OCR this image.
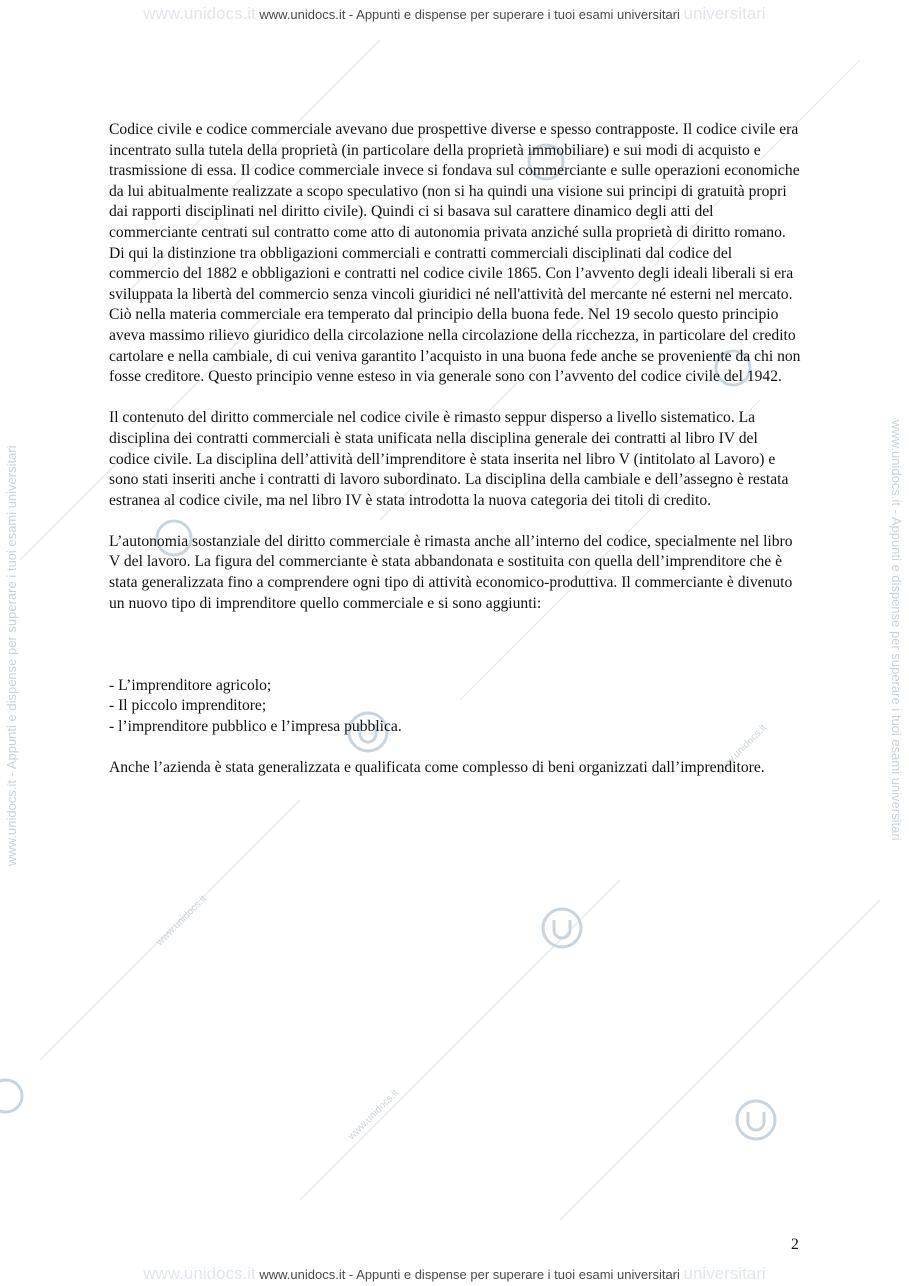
www.unidocs.it
www.unidocs.it
www.unidocs.it
www.unidocs.it www.unidocs.it - Appunti e dispense per superare i tuoi esami universitari universitari
www.unidocs.it - Appunti e dispense per superare i tuoi esami universitari	www.unidocs.it - Appunti e dispense per superare i tuoi esami universitari

Codice civile e codice commerciale avevano due prospettive diverse e spesso contrapposte. Il codice civile era incentrato sulla tutela della proprietà (in particolare della proprietà immobiliare) e sui modi di acquisto e trasmissione di essa. Il codice commerciale invece si fondava sul commerciante e sulle operazioni economiche da lui abitualmente realizzate a scopo speculativo (non si ha quindi una visione sui principi di gratuità propri dai rapporti disciplinati nel diritto civile). Quindi ci si basava sul carattere dinamico degli atti del commerciante centrati sul contratto come atto di autonomia privata anziché sulla proprietà di diritto romano. Di qui la distinzione tra obbligazioni commerciali e contratti commerciali disciplinati dal codice del commercio del 1882 e obbligazioni e contratti nel codice civile 1865. Con l’avvento degli ideali liberali si era sviluppata la libertà del commercio senza vincoli giuridici né nell'attività del mercante né esterni nel mercato. Ciò nella materia commerciale era temperato dal principio della buona fede. Nel 19 secolo questo principio aveva massimo rilievo giuridico della circolazione nella circolazione della ricchezza, in particolare del credito cartolare e nella cambiale, di cui veniva garantito l’acquisto in una buona fede anche se proveniente da chi non fosse creditore. Questo principio venne esteso in via generale sono con l’avvento del codice civile del 1942.

Il contenuto del diritto commerciale nel codice civile è rimasto seppur disperso a livello sistematico. La disciplina dei contratti commerciali è stata unificata nella disciplina generale dei contratti al libro IV del codice civile. La disciplina dell’attività dell’imprenditore è stata inserita nel libro V (intitolato al Lavoro) e sono stati inseriti anche i contratti di lavoro subordinato. La disciplina della cambiale e dell’assegno è restata estranea al codice civile, ma nel libro IV è stata introdotta la nuova categoria dei titoli di credito.

L’autonomia sostanziale del diritto commerciale è rimasta anche all’interno del codice, specialmente nel libro V del lavoro. La figura del commerciante è stata abbandonata e sostituita con quella dell’imprenditore che è stata generalizzata fino a comprendere ogni tipo di attività economico-produttiva. Il commerciante è divenuto un nuovo tipo di imprenditore quello commerciale e si sono aggiunti:

- L’imprenditore agricolo;
- Il piccolo imprenditore;
- l’imprenditore pubblico e l’impresa pubblica.

Anche l’azienda è stata generalizzata e qualificata come complesso di beni organizzati dall’imprenditore.

2
www.unidocs.it www.unidocs.it - Appunti e dispense per superare i tuoi esami universitari universitari
